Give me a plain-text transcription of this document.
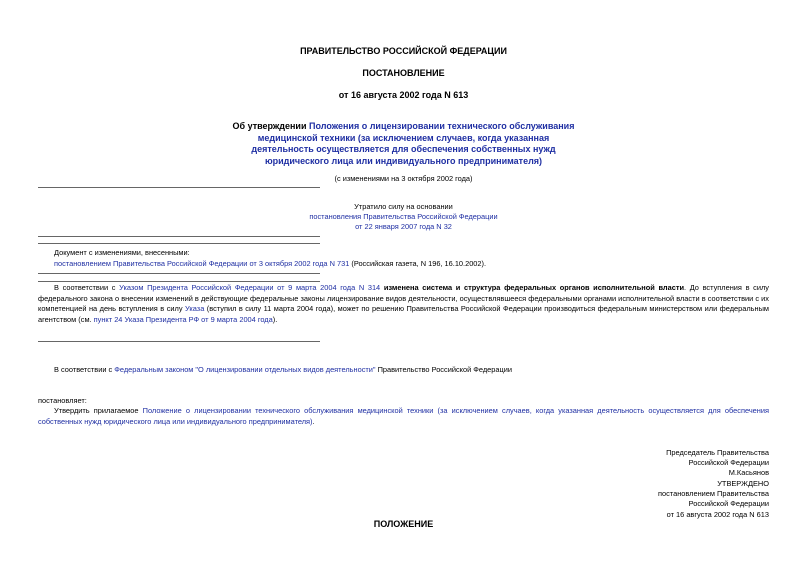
ПРАВИТЕЛЬСТВО РОССИЙСКОЙ ФЕДЕРАЦИИ
ПОСТАНОВЛЕНИЕ
от 16 августа 2002 года N 613
Об утверждении Положения о лицензировании технического обслуживания медицинской техники (за исключением случаев, когда указанная деятельность осуществляется для обеспечения собственных нужд юридического лица или индивидуального предпринимателя)
(с изменениями на 3 октября 2002 года)
Утратило силу на основании
постановления Правительства Российской Федерации
от 22 января 2007 года N 32
Документ с изменениями, внесенными:
постановлением Правительства Российской Федерации от 3 октября 2002 года N 731 (Российская газета, N 196, 16.10.2002).
В соответствии с Указом Президента Российской Федерации от 9 марта 2004 года N 314 изменена система и структура федеральных органов исполнительной власти. До вступления в силу федерального закона о внесении изменений в действующие федеральные законы лицензирование видов деятельности, осуществлявшееся федеральными органами исполнительной власти в соответствии с их компетенцией на день вступления в силу Указа (вступил в силу 11 марта 2004 года), может по решению Правительства Российской Федерации производиться федеральным министерством или федеральным агентством (см. пункт 24 Указа Президента РФ от 9 марта 2004 года).
В соответствии с Федеральным законом "О лицензировании отдельных видов деятельности" Правительство Российской Федерации
постановляет:
Утвердить прилагаемое Положение о лицензировании технического обслуживания медицинской техники (за исключением случаев, когда указанная деятельность осуществляется для обеспечения собственных нужд юридического лица или индивидуального предпринимателя).
Председатель Правительства
Российской Федерации
М.Касьянов
УТВЕРЖДЕНО
постановлением Правительства
Российской Федерации
от 16 августа 2002 года N 613
ПОЛОЖЕНИЕ
